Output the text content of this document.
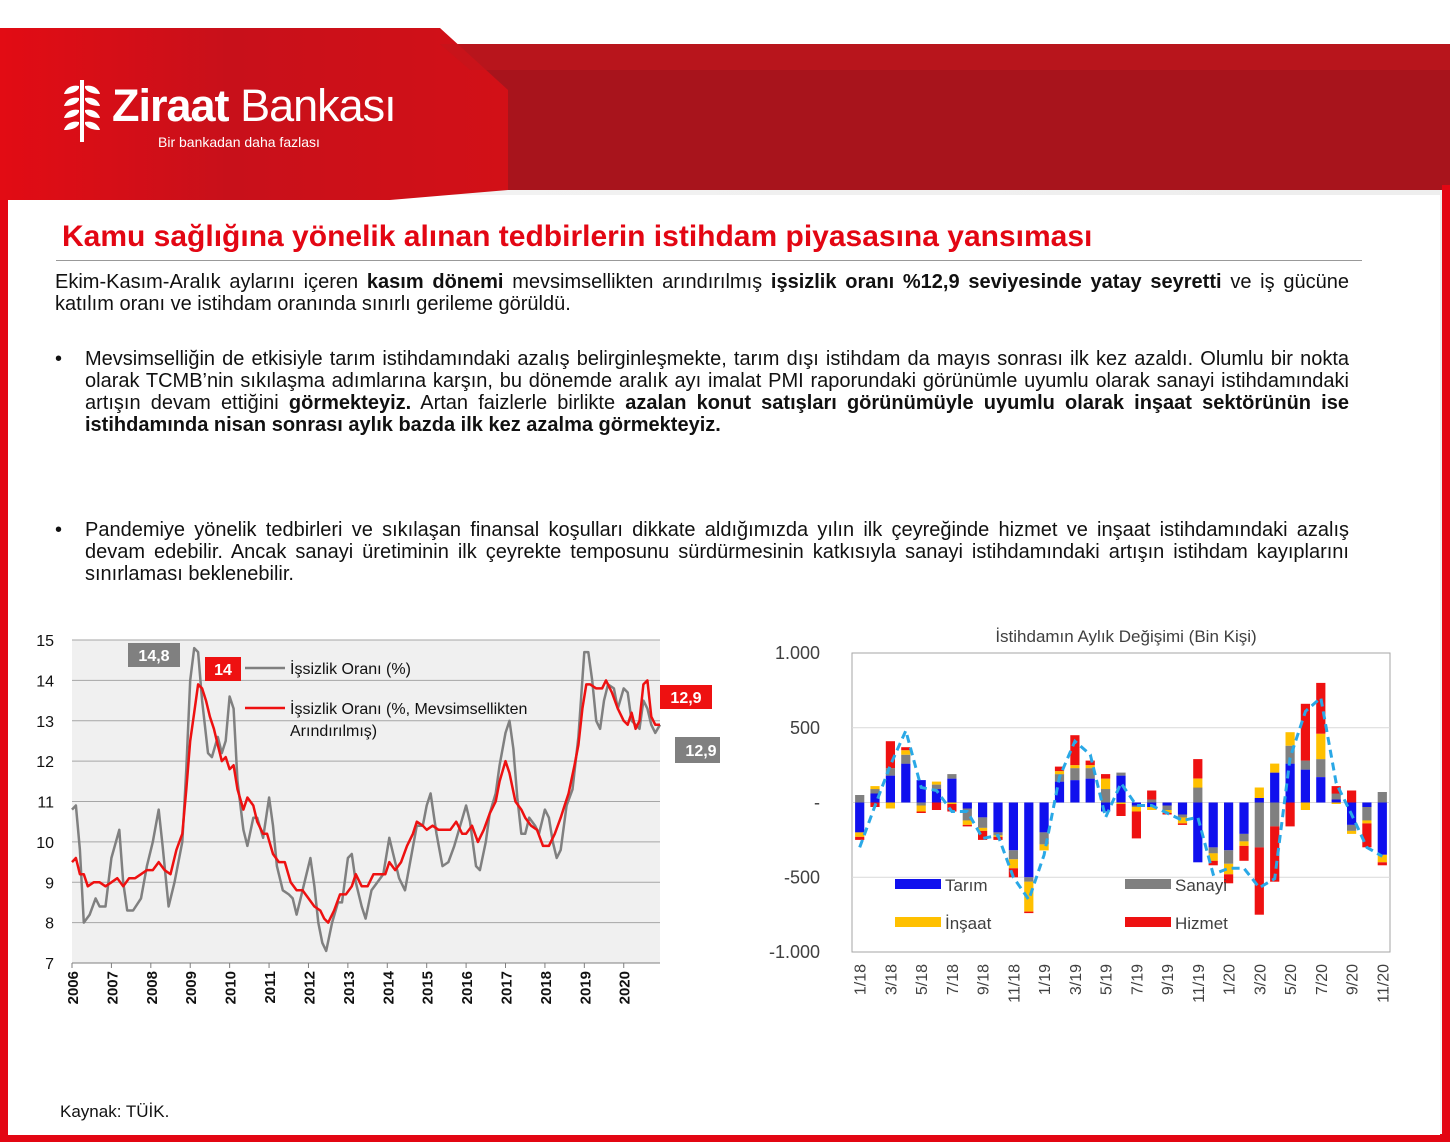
Ziraat Bankası
Bir bankadan daha fazlası
Kamu sağlığına yönelik alınan tedbirlerin istihdam piyasasına yansıması
Ekim-Kasım-Aralık aylarını içeren kasım dönemi mevsimsellikten arındırılmış işsizlik oranı %12,9 seviyesinde yatay seyretti ve iş gücüne katılım oranı ve istihdam oranında sınırlı gerileme görüldü.
• Mevsimselliğin de etkisiyle tarım istihdamındaki azalış belirginleşmekte, tarım dışı istihdam da mayıs sonrası ilk kez azaldı. Olumlu bir nokta olarak TCMB’nin sıkılaşma adımlarına karşın, bu dönemde aralık ayı imalat PMI raporundaki görünümle uyumlu olarak sanayi istihdamındaki artışın devam ettiğini görmekteyiz. Artan faizlerle birlikte azalan konut satışları görünümüyle uyumlu olarak inşaat sektörünün ise istihdamında nisan sonrası aylık bazda ilk kez azalma görmekteyiz.
• Pandemiye yönelik tedbirleri ve sıkılaşan finansal koşulları dikkate aldığımızda yılın ilk çeyreğinde hizmet ve inşaat istihdamındaki azalış devam edebilir. Ancak sanayi üretiminin ilk çeyrekte temposunu sürdürmesinin katkısıyla sanayi istihdamındaki artışın istihdam kayıplarını sınırlaması beklenebilir.
7
8
9
10
11
12
13
14
15
2006 2007 2008 2009 2010 2011 2012 2013 2014 2015 2016 2017 2018 2019 2020
İşsizlik Oranı (%)
İşsizlik Oranı (%, Mevsimsellikten
Arındırılmış)
14,8
14
12,9
12,9
İstihdamın Aylık Değişimi (Bin Kişi)
-1.000
-500
-
500
1.000
1/18 3/18 5/18 7/18 9/18 11/18 1/19 3/19 5/19 7/19 9/19 11/19 1/20 3/20 5/20 7/20 9/20 11/20
Tarım	Sanayi
İnşaat	Hizmet
Kaynak: TÜİK.
